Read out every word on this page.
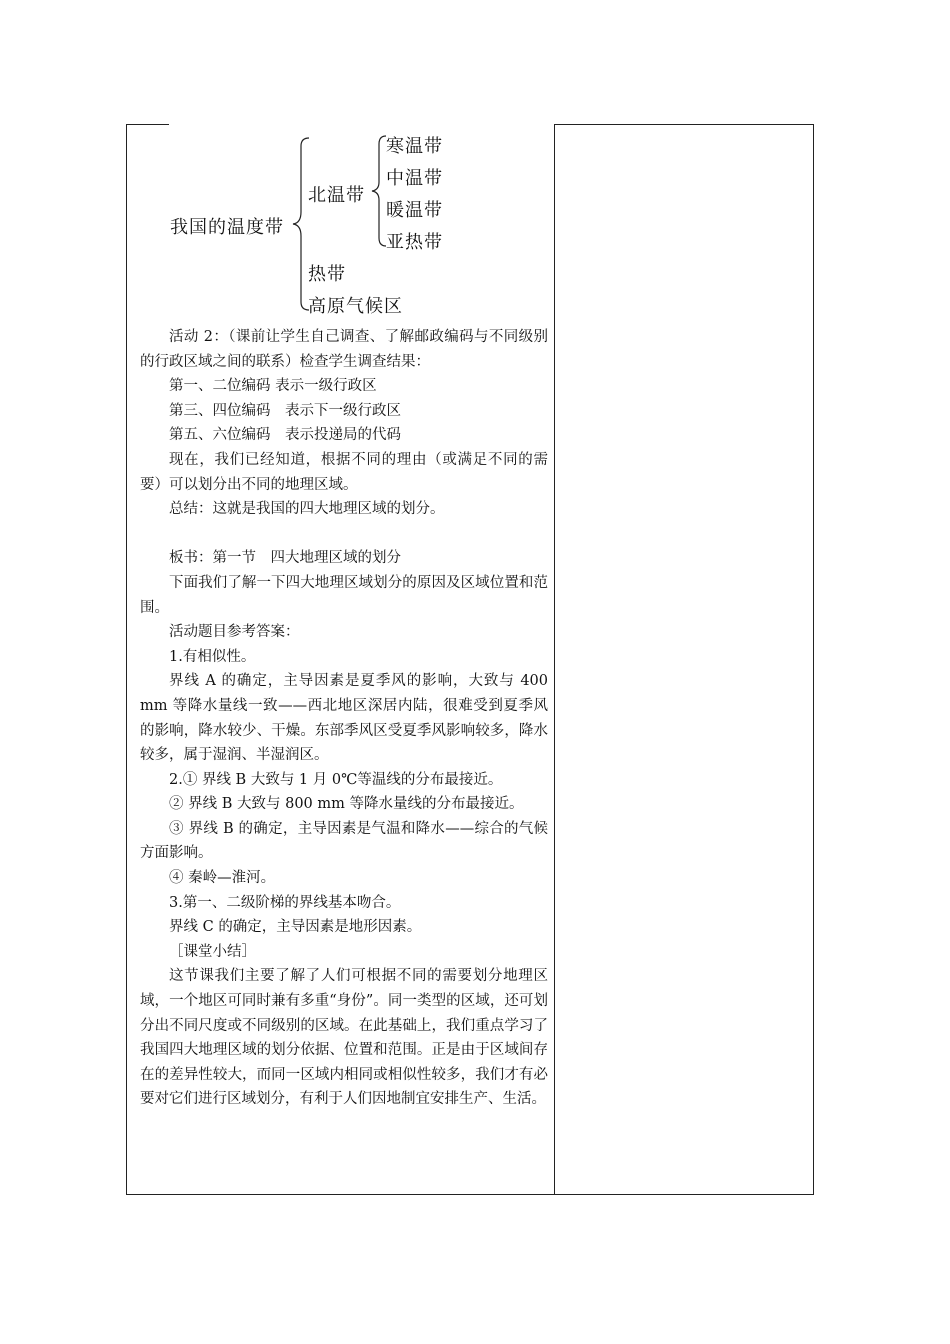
我国的温度带
北温带
寒温带
中温带
暖温带
亚热带
热带
高原气候区

活动 2：（课前让学生自己调查、了解邮政编码与不同级别的行政区域之间的联系）检查学生调查结果：

第一、二位编码 表示一级行政区

第三、四位编码　表示下一级行政区

第五、六位编码　表示投递局的代码

现在，我们已经知道，根据不同的理由（或满足不同的需要）可以划分出不同的地理区域。

总结：这就是我国的四大地理区域的划分。

板书：第一节　四大地理区域的划分

下面我们了解一下四大地理区域划分的原因及区域位置和范围。

活动题目参考答案：

1.有相似性。

界线 A 的确定，主导因素是夏季风的影响，大致与 400 mm 等降水量线一致——西北地区深居内陆，很难受到夏季风的影响，降水较少、干燥。东部季风区受夏季风影响较多，降水较多，属于湿润、半湿润区。

2.① 界线 B 大致与 1 月 0℃等温线的分布最接近。

② 界线 B 大致与 800 mm 等降水量线的分布最接近。

③ 界线 B 的确定，主导因素是气温和降水——综合的气候方面影响。

④ 秦岭—淮河。

3.第一、二级阶梯的界线基本吻合。

界线 C 的确定，主导因素是地形因素。

［课堂小结］

这节课我们主要了解了人们可根据不同的需要划分地理区域，一个地区可同时兼有多重“身份”。同一类型的区域，还可划分出不同尺度或不同级别的区域。在此基础上，我们重点学习了我国四大地理区域的划分依据、位置和范围。正是由于区域间存在的差异性较大，而同一区域内相同或相似性较多，我们才有必要对它们进行区域划分，有利于人们因地制宜安排生产、生活。
